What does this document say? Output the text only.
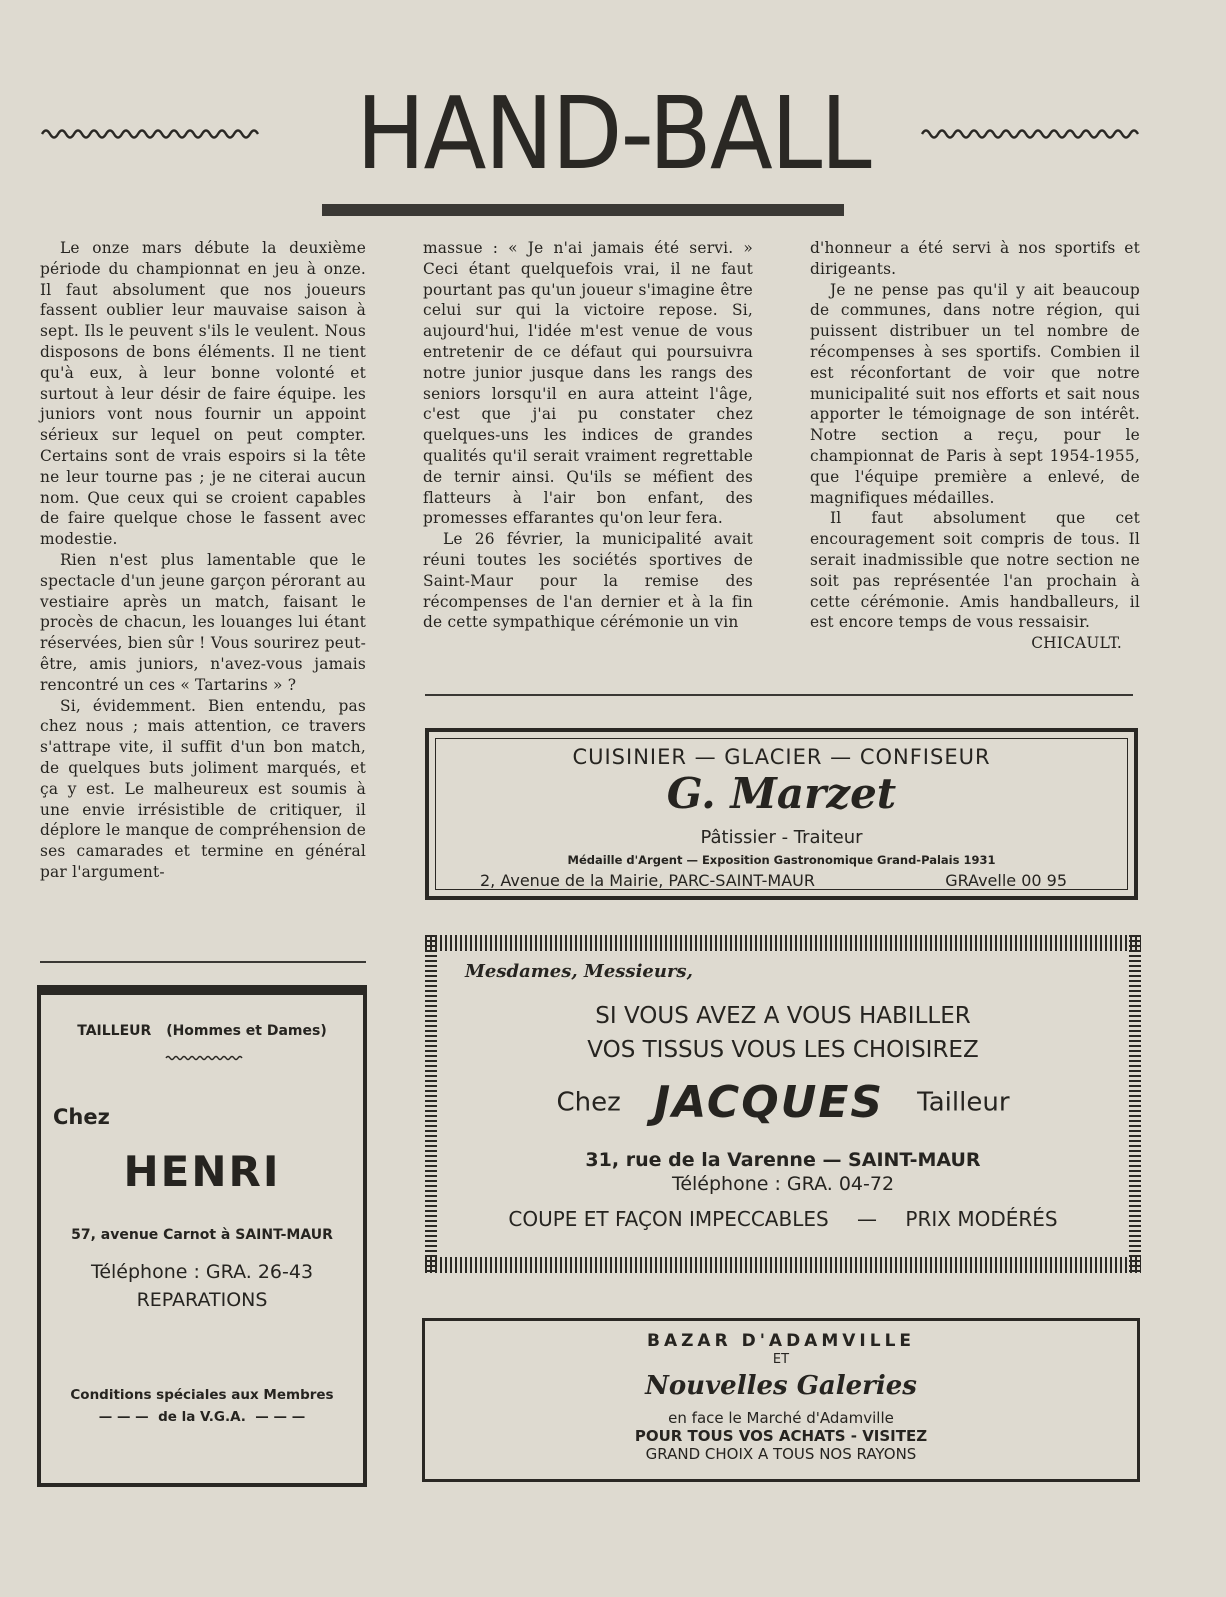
HAND-BALL

Le onze mars débute la deuxième période du championnat en jeu à onze. Il faut absolument que nos joueurs fassent oublier leur mauvaise saison à sept. Ils le peuvent s'ils le veulent. Nous disposons de bons éléments. Il ne tient qu'à eux, à leur bonne volonté et surtout à leur désir de faire équipe. les juniors vont nous fournir un appoint sérieux sur lequel on peut compter. Certains sont de vrais espoirs si la tête ne leur tourne pas ; je ne citerai aucun nom. Que ceux qui se croient capables de faire quelque chose le fassent avec modestie.

Rien n'est plus lamentable que le spectacle d'un jeune garçon pérorant au vestiaire après un match, faisant le procès de chacun, les louanges lui étant réservées, bien sûr ! Vous sourirez peut-être, amis juniors, n'avez-vous jamais rencontré un ces « Tartarins » ?

Si, évidemment. Bien entendu, pas chez nous ; mais attention, ce travers s'attrape vite, il suffit d'un bon match, de quelques buts joliment marqués, et ça y est. Le malheureux est soumis à une envie irrésistible de critiquer, il déplore le manque de compréhension de ses camarades et termine en général par l'argument-

massue : « Je n'ai jamais été servi. » Ceci étant quelquefois vrai, il ne faut pourtant pas qu'un joueur s'imagine être celui sur qui la victoire repose. Si, aujourd'hui, l'idée m'est venue de vous entretenir de ce défaut qui poursuivra notre junior jusque dans les rangs des seniors lorsqu'il en aura atteint l'âge, c'est que j'ai pu constater chez quelques-uns les indices de grandes qualités qu'il serait vraiment regrettable de ternir ainsi. Qu'ils se méfient des flatteurs à l'air bon enfant, des promesses effarantes qu'on leur fera.

Le 26 février, la municipalité avait réuni toutes les sociétés sportives de Saint-Maur pour la remise des récompenses de l'an dernier et à la fin de cette sympathique cérémonie un vin

d'honneur a été servi à nos sportifs et dirigeants.

Je ne pense pas qu'il y ait beaucoup de communes, dans notre région, qui puissent distribuer un tel nombre de récompenses à ses sportifs. Combien il est réconfortant de voir que notre municipalité suit nos efforts et sait nous apporter le témoignage de son intérêt. Notre section a reçu, pour le championnat de Paris à sept 1954-1955, que l'équipe première a enlevé, de magnifiques médailles.

Il faut absolument que cet encouragement soit compris de tous. Il serait inadmissible que notre section ne soit pas représentée l'an prochain à cette cérémonie. Amis handballeurs, il est encore temps de vous ressaisir.

CHICAULT.

CUISINIER — GLACIER — CONFISEUR
G. Marzet
Pâtissier - Traiteur
Médaille d'Argent — Exposition Gastronomique Grand-Palais 1931
2, Avenue de la Mairie, PARC-SAINT-MAUR	GRAvelle 00 95
Mesdames, Messieurs,
SI VOUS AVEZ A VOUS HABILLER
VOS TISSUS VOUS LES CHOISIREZ
Chez JACQUES Tailleur
31, rue de la Varenne — SAINT-MAUR
Téléphone : GRA. 04-72
COUPE ET FAÇON IMPECCABLES — PRIX MODÉRÉS
BAZAR D'ADAMVILLE
ET
Nouvelles Galeries
en face le Marché d'Adamville
POUR TOUS VOS ACHATS - VISITEZ
GRAND CHOIX A TOUS NOS RAYONS
TAILLEUR (Hommes et Dames)
Chez
HENRI
57, avenue Carnot à SAINT-MAUR
Téléphone : GRA. 26-43
REPARATIONS
Conditions spéciales aux Membres
— — —  de la V.G.A.  — — —
